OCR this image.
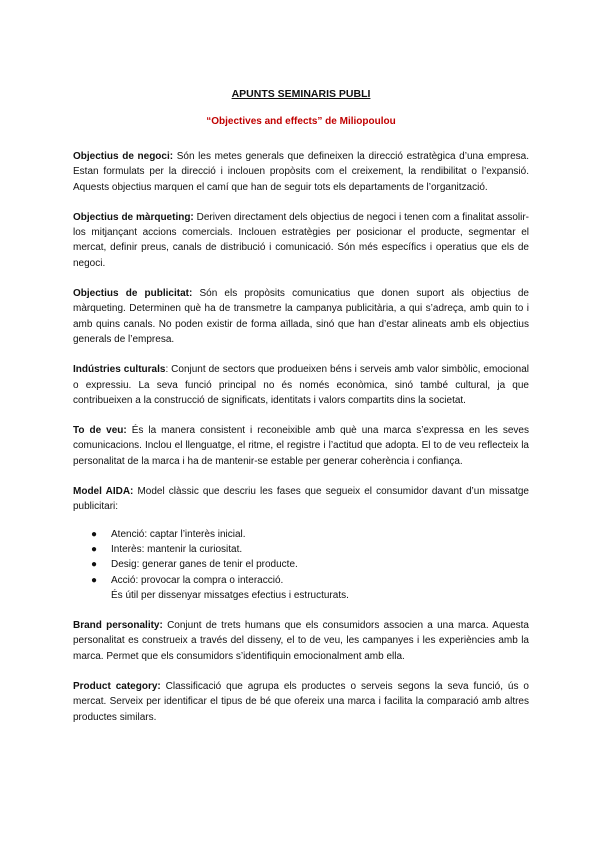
APUNTS SEMINARIS PUBLI

“Objectives and effects” de Miliopoulou

Objectius de negoci: Són les metes generals que defineixen la direcció estratègica d’una empresa. Estan formulats per la direcció i inclouen propòsits com el creixement, la rendibilitat o l’expansió. Aquests objectius marquen el camí que han de seguir tots els departaments de l’organització.

Objectius de màrqueting: Deriven directament dels objectius de negoci i tenen com a finalitat assolir-los mitjançant accions comercials. Inclouen estratègies per posicionar el producte, segmentar el mercat, definir preus, canals de distribució i comunicació. Són més específics i operatius que els de negoci.

Objectius de publicitat: Són els propòsits comunicatius que donen suport als objectius de màrqueting. Determinen què ha de transmetre la campanya publicitària, a qui s’adreça, amb quin to i amb quins canals. No poden existir de forma aïllada, sinó que han d’estar alineats amb els objectius generals de l’empresa.

Indústries culturals: Conjunt de sectors que produeixen béns i serveis amb valor simbòlic, emocional o expressiu. La seva funció principal no és només econòmica, sinó també cultural, ja que contribueixen a la construcció de significats, identitats i valors compartits dins la societat.

To de veu: És la manera consistent i reconeixible amb què una marca s’expressa en les seves comunicacions. Inclou el llenguatge, el ritme, el registre i l’actitud que adopta. El to de veu reflecteix la personalitat de la marca i ha de mantenir-se estable per generar coherència i confiança.

Model AIDA: Model clàssic que descriu les fases que segueix el consumidor davant d’un missatge publicitari:

● Atenció: captar l’interès inicial.
● Interès: mantenir la curiositat.
● Desig: generar ganes de tenir el producte.
● Acció: provocar la compra o interacció.
És útil per dissenyar missatges efectius i estructurats.

Brand personality: Conjunt de trets humans que els consumidors associen a una marca. Aquesta personalitat es construeix a través del disseny, el to de veu, les campanyes i les experiències amb la marca. Permet que els consumidors s’identifiquin emocionalment amb ella.

Product category: Classificació que agrupa els productes o serveis segons la seva funció, ús o mercat. Serveix per identificar el tipus de bé que ofereix una marca i facilita la comparació amb altres productes similars.
